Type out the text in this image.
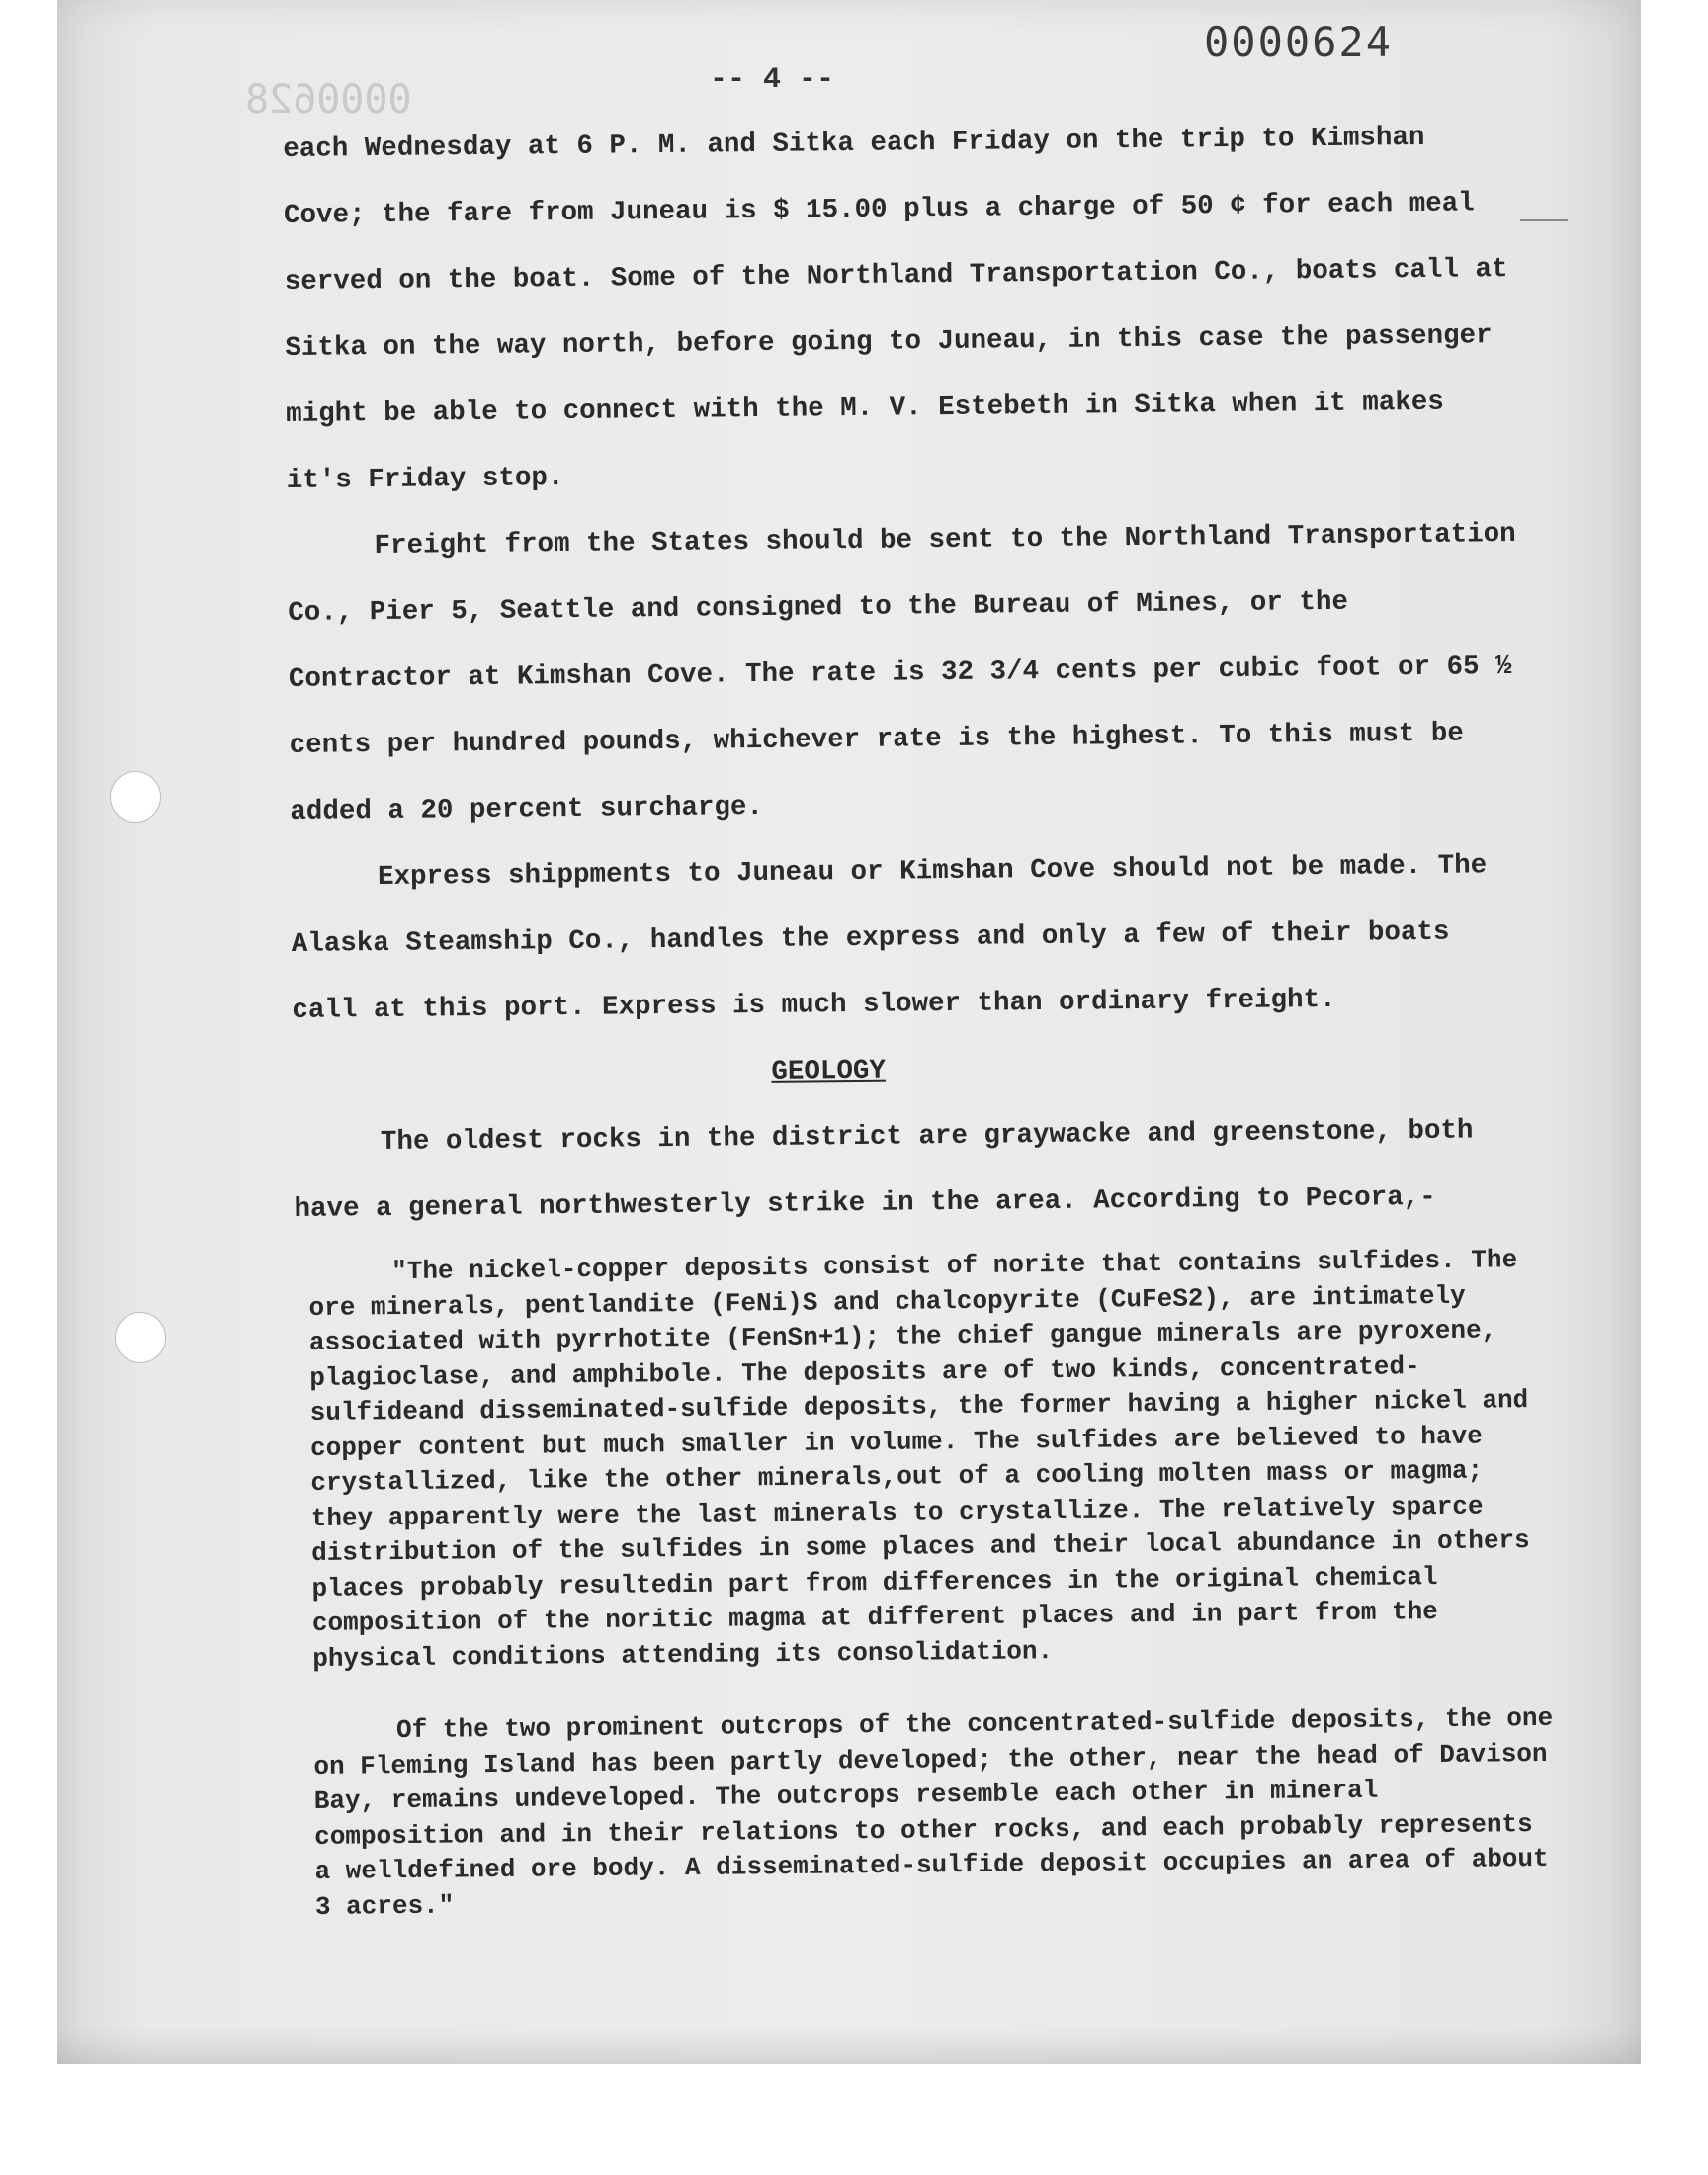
0000628
0000624
-- 4 --

each Wednesday at 6 P. M. and Sitka each Friday on the trip to Kimshan Cove; the fare from Juneau is $ 15.00 plus a charge of 50 ¢ for each meal served on the boat. Some of the Northland Transportation Co., boats call at Sitka on the way north, before going to Juneau, in this case the passenger might be able to connect with the M. V. Estebeth in Sitka when it makes it's Friday stop.

Freight from the States should be sent to the Northland Transportation Co., Pier 5, Seattle and consigned to the Bureau of Mines, or the Contractor at Kimshan Cove. The rate is 32 3/4 cents per cubic foot or 65 ½ cents per hundred pounds, whichever rate is the highest. To this must be added a 20 percent surcharge.

Express shippments to Juneau or Kimshan Cove should not be made. The Alaska Steamship Co., handles the express and only a few of their boats call at this port. Express is much slower than ordinary freight.

GEOLOGY

The oldest rocks in the district are graywacke and greenstone, both have a general northwesterly strike in the area. According to Pecora,-

"The nickel-copper deposits consist of norite that contains sulfides. The ore minerals, pentlandite (FeNi)S and chalcopyrite (CuFeS2), are intimately associated with pyrrhotite (FenSn+1); the chief gangue minerals are pyroxene, plagioclase, and amphibole. The deposits are of two kinds, concentrated-sulfideand disseminated-sulfide deposits, the former having a higher nickel and copper content but much smaller in volume. The sulfides are believed to have crystallized, like the other minerals,out of a cooling molten mass or magma; they apparently were the last minerals to crystallize. The relatively sparce distribution of the sulfides in some places and their local abundance in others places probably resultedin part from differences in the original chemical composition of the noritic magma at different places and in part from the physical conditions attending its consolidation.

Of the two prominent outcrops of the concentrated-sulfide deposits, the one on Fleming Island has been partly developed; the other, near the head of Davison Bay, remains undeveloped. The outcrops resemble each other in mineral composition and in their relations to other rocks, and each probably represents a welldefined ore body. A disseminated-sulfide deposit occupies an area of about 3 acres."
